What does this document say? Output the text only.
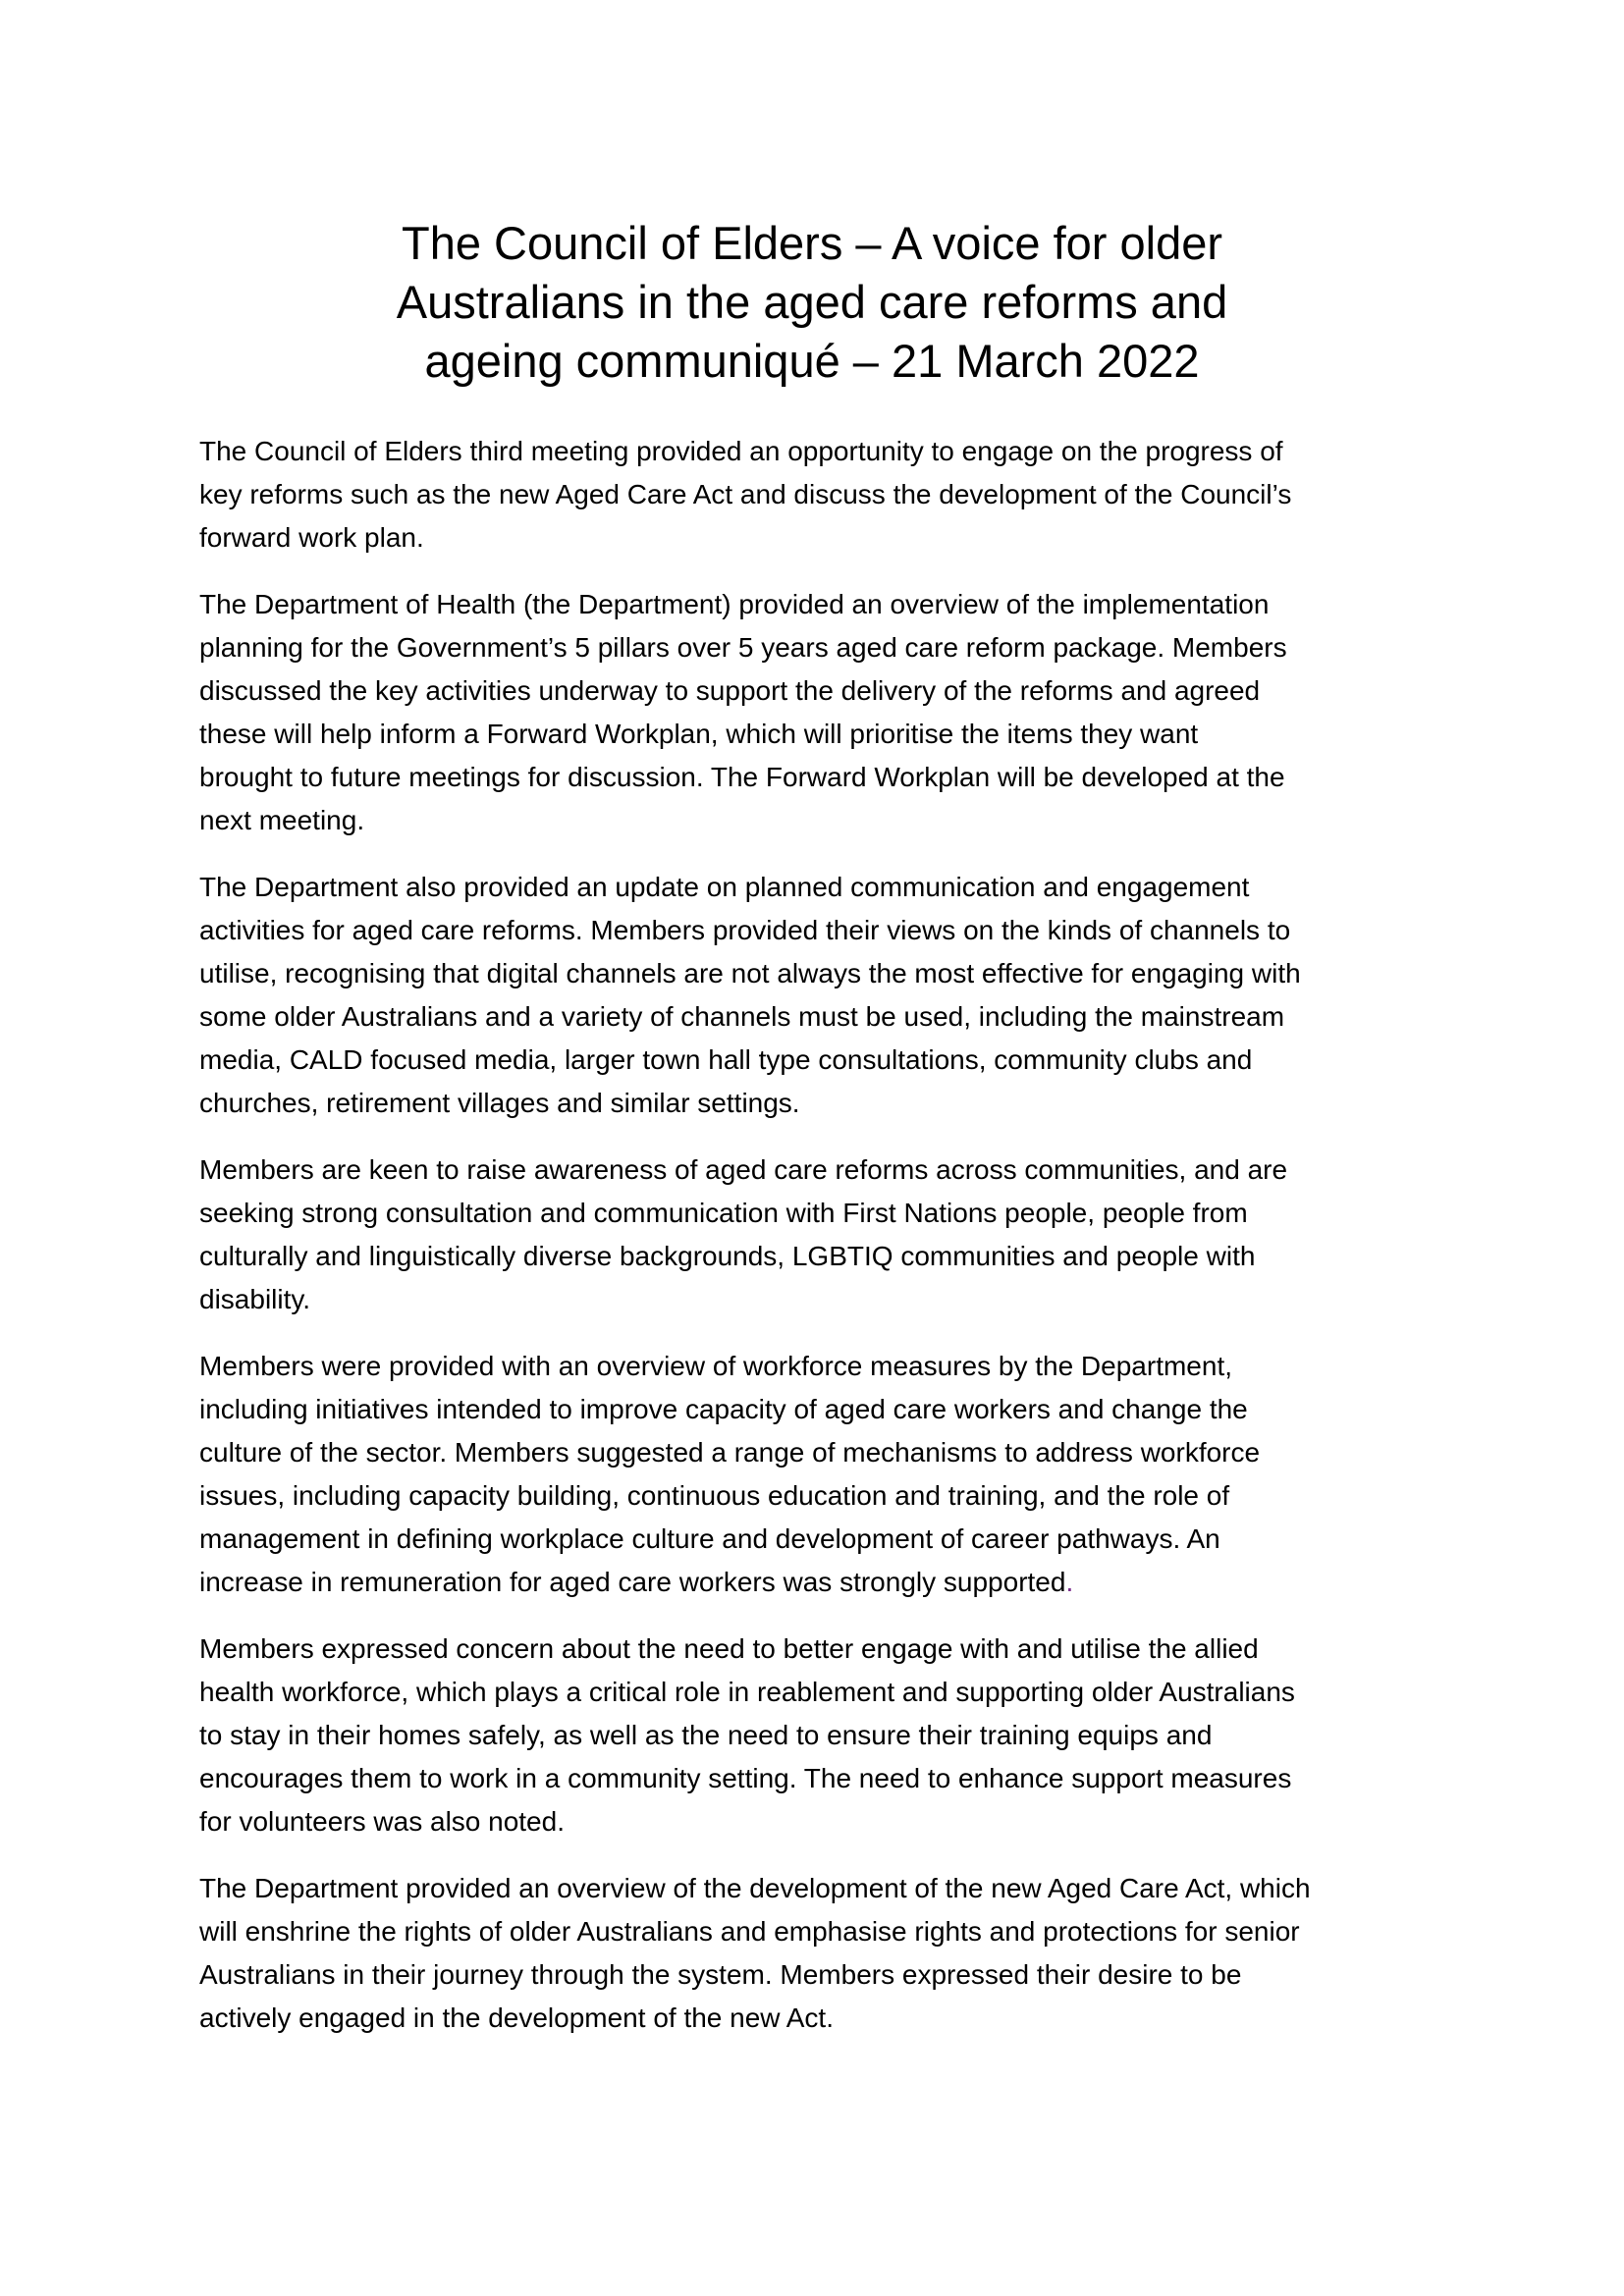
The Council of Elders – A voice for older
Australians in the aged care reforms and
ageing communiqué – 21 March 2022

The Council of Elders third meeting provided an opportunity to engage on the progress of
key reforms such as the new Aged Care Act and discuss the development of the Council’s
forward work plan.

The Department of Health (the Department) provided an overview of the implementation
planning for the Government’s 5 pillars over 5 years aged care reform package. Members
discussed the key activities underway to support the delivery of the reforms and agreed
these will help inform a Forward Workplan, which will prioritise the items they want
brought to future meetings for discussion. The Forward Workplan will be developed at the
next meeting.

The Department also provided an update on planned communication and engagement
activities for aged care reforms. Members provided their views on the kinds of channels to
utilise, recognising that digital channels are not always the most effective for engaging with
some older Australians and a variety of channels must be used, including the mainstream
media, CALD focused media, larger town hall type consultations, community clubs and
churches, retirement villages and similar settings.

Members are keen to raise awareness of aged care reforms across communities, and are
seeking strong consultation and communication with First Nations people, people from
culturally and linguistically diverse backgrounds, LGBTIQ communities and people with
disability.

Members were provided with an overview of workforce measures by the Department,
including initiatives intended to improve capacity of aged care workers and change the
culture of the sector. Members suggested a range of mechanisms to address workforce
issues, including capacity building, continuous education and training, and the role of
management in defining workplace culture and development of career pathways. An
increase in remuneration for aged care workers was strongly supported.

Members expressed concern about the need to better engage with and utilise the allied
health workforce, which plays a critical role in reablement and supporting older Australians
to stay in their homes safely, as well as the need to ensure their training equips and
encourages them to work in a community setting. The need to enhance support measures
for volunteers was also noted.

The Department provided an overview of the development of the new Aged Care Act, which
will enshrine the rights of older Australians and emphasise rights and protections for senior
Australians in their journey through the system. Members expressed their desire to be
actively engaged in the development of the new Act.
